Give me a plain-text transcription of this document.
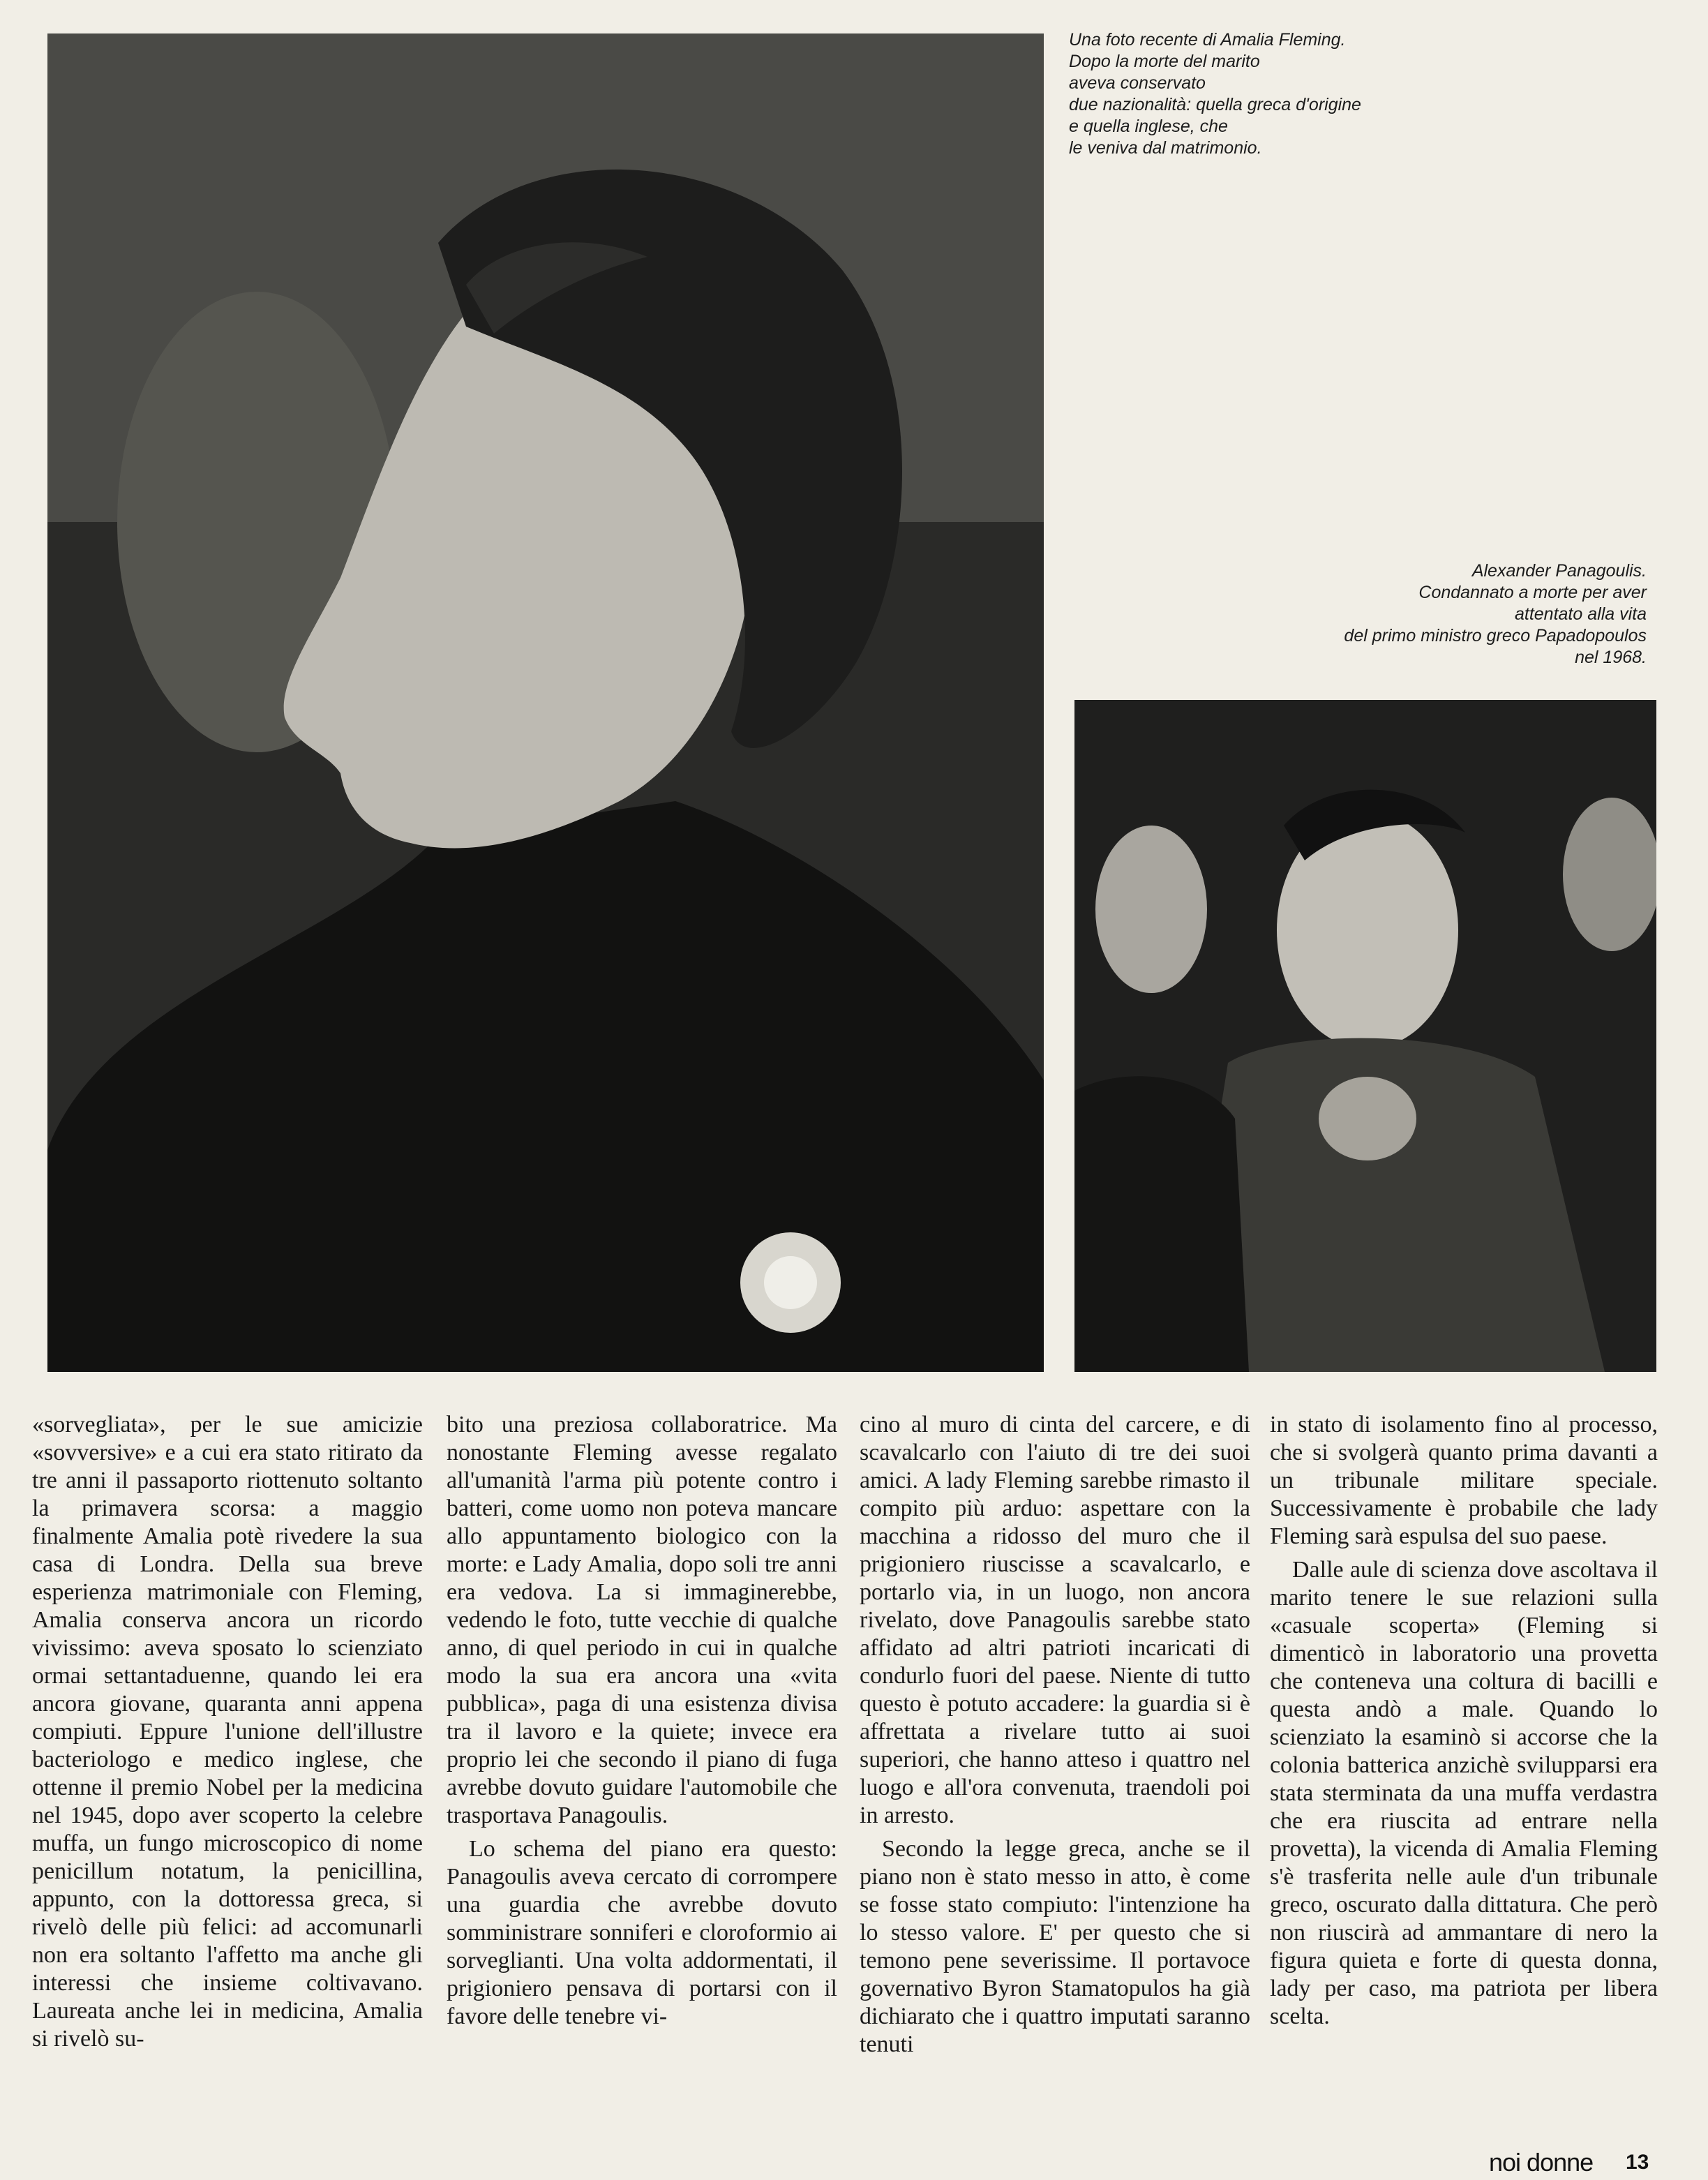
Una foto recente di Amalia Fleming.
Dopo la morte del marito
aveva conservato
due nazionalità: quella greca d'origine
e quella inglese, che
le veniva dal matrimonio.
Alexander Panagoulis.
Condannato a morte per aver
attentato alla vita
del primo ministro greco Papadopoulos
nel 1968.

«sorvegliata», per le sue amicizie «sovversive» e a cui era stato ritirato da tre anni il passaporto riottenuto soltanto la primavera scorsa: a maggio finalmente Amalia potè rivedere la sua casa di Londra. Della sua breve esperienza matrimoniale con Fleming, Amalia conserva ancora un ricordo vivissimo: aveva sposato lo scienziato ormai settantaduenne, quando lei era ancora giovane, quaranta anni appena compiuti. Eppure l'unione dell'illustre bacteriologo e medico inglese, che ottenne il premio Nobel per la medicina nel 1945, dopo aver scoperto la celebre muffa, un fungo microscopico di nome penicillum notatum, la penicillina, appunto, con la dottoressa greca, si rivelò delle più felici: ad accomunarli non era soltanto l'affetto ma anche gli interessi che insieme coltivavano. Laureata anche lei in medicina, Amalia si rivelò su-

bito una preziosa collaboratrice. Ma nonostante Fleming avesse regalato all'umanità l'arma più potente contro i batteri, come uomo non poteva mancare allo appuntamento biologico con la morte: e Lady Amalia, dopo soli tre anni era vedova. La si immaginerebbe, vedendo le foto, tutte vecchie di qualche anno, di quel periodo in cui in qualche modo la sua era ancora una «vita pubblica», paga di una esistenza divisa tra il lavoro e la quiete; invece era proprio lei che secondo il piano di fuga avrebbe dovuto guidare l'automobile che trasportava Panagoulis.

Lo schema del piano era questo: Panagoulis aveva cercato di corrompere una guardia che avrebbe dovuto somministrare sonniferi e cloroformio ai sorveglianti. Una volta addormentati, il prigioniero pensava di portarsi con il favore delle tenebre vi-

cino al muro di cinta del carcere, e di scavalcarlo con l'aiuto di tre dei suoi amici. A lady Fleming sarebbe rimasto il compito più arduo: aspettare con la macchina a ridosso del muro che il prigioniero riuscisse a scavalcarlo, e portarlo via, in un luogo, non ancora rivelato, dove Panagoulis sarebbe stato affidato ad altri patrioti incaricati di condurlo fuori del paese. Niente di tutto questo è potuto accadere: la guardia si è affrettata a rivelare tutto ai suoi superiori, che hanno atteso i quattro nel luogo e all'ora convenuta, traendoli poi in arresto.

Secondo la legge greca, anche se il piano non è stato messo in atto, è come se fosse stato compiuto: l'intenzione ha lo stesso valore. E' per questo che si temono pene severissime. Il portavoce governativo Byron Stamatopulos ha già dichiarato che i quattro imputati saranno tenuti

in stato di isolamento fino al processo, che si svolgerà quanto prima davanti a un tribunale militare speciale. Successivamente è probabile che lady Fleming sarà espulsa del suo paese.

Dalle aule di scienza dove ascoltava il marito tenere le sue relazioni sulla «casuale scoperta» (Fleming si dimenticò in laboratorio una provetta che conteneva una coltura di bacilli e questa andò a male. Quando lo scienziato la esaminò si accorse che la colonia batterica anzichè svilupparsi era stata sterminata da una muffa verdastra che era riuscita ad entrare nella provetta), la vicenda di Amalia Fleming s'è trasferita nelle aule d'un tribunale greco, oscurato dalla dittatura. Che però non riuscirà ad ammantare di nero la figura quieta e forte di questa donna, lady per caso, ma patriota per libera scelta.

noi donne 13
